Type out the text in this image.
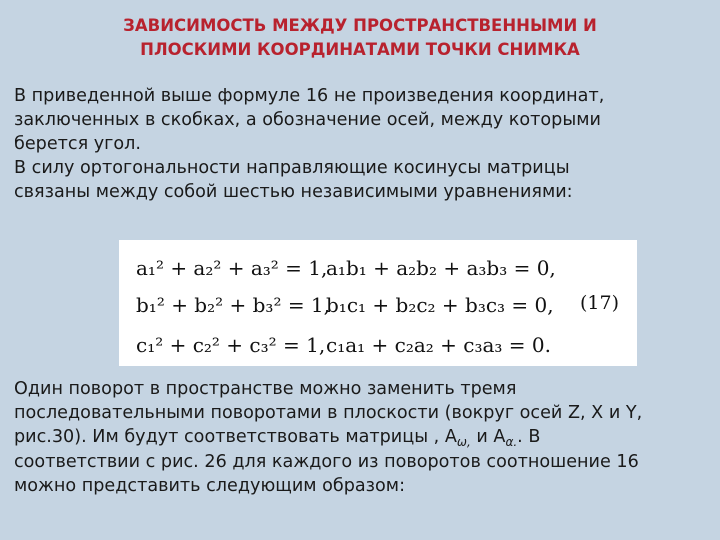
ЗАВИСИМОСТЬ МЕЖДУ ПРОСТРАНСТВЕННЫМИ И
ПЛОСКИМИ КООРДИНАТАМИ ТОЧКИ СНИМКА
В приведенной выше формуле 16 не произведения координат,
заключенных в скобках, а обозначение осей, между которыми
берется угол.
В силу ортогональности направляющие косинусы матрицы
связаны между собой шестью независимыми уравнениями:
a₁² + a₂² + a₃² = 1,
a₁b₁ + a₂b₂ + a₃b₃ = 0,
b₁² + b₂² + b₃² = 1,
b₁c₁ + b₂c₂ + b₃c₃ = 0,
c₁² + c₂² + c₃² = 1, c₁a₁ + c₂a₂ + c₃a₃ = 0.
(17)
Один поворот в пространстве можно заменить тремя
последовательными поворотами в плоскости (вокруг осей Z, X и Y,
рис.30). Им будут соответствовать матрицы , $A_{\omega,}$ и $A_{\alpha.}$. В
соответствии с рис. 26 для каждого из поворотов соотношение 16
можно представить следующим образом:
